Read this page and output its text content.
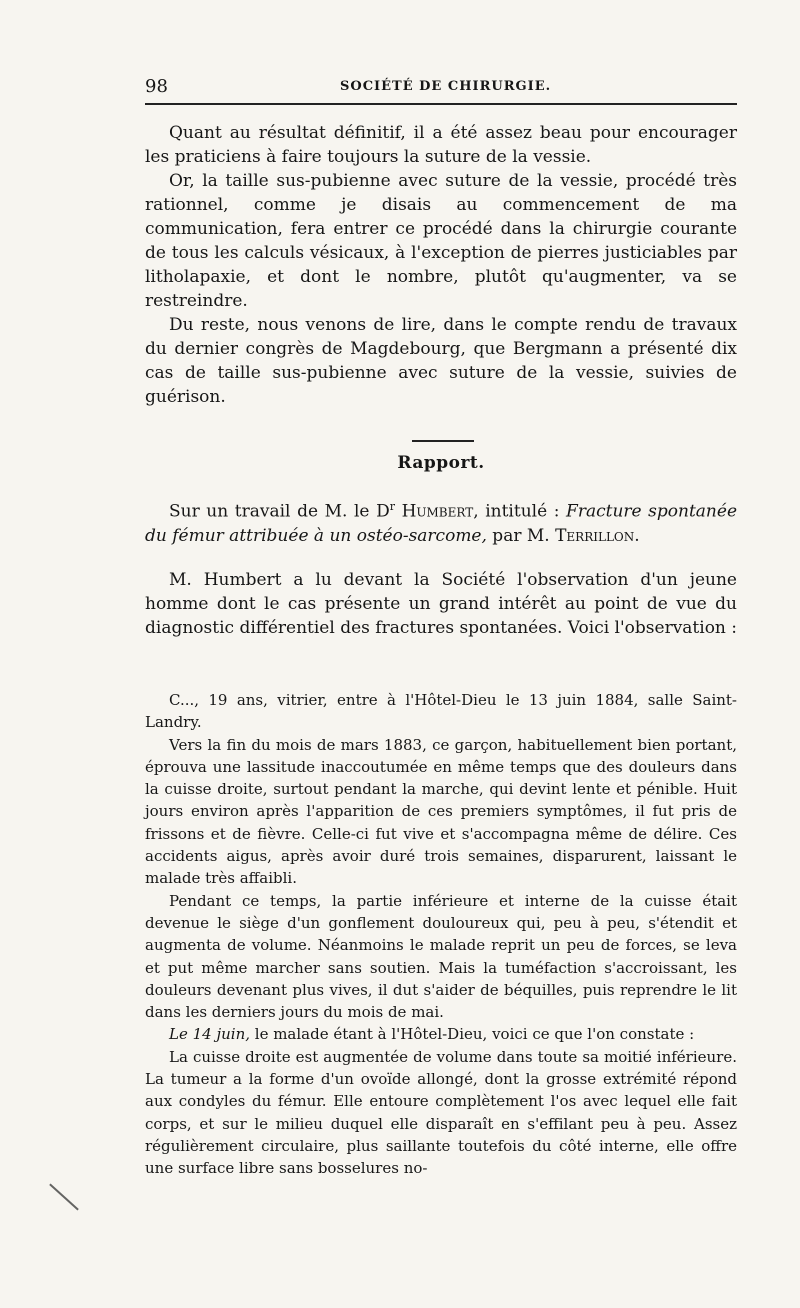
98	SOCIÉTÉ DE CHIRURGIE.

Quant au résultat définitif, il a été assez beau pour encourager les praticiens à faire toujours la suture de la vessie.

Or, la taille sus-pubienne avec suture de la vessie, procédé très rationnel, comme je disais au commencement de ma communication, fera entrer ce procédé dans la chirurgie courante de tous les calculs vésicaux, à l'exception de pierres justiciables par litholapaxie, et dont le nombre, plutôt qu'augmenter, va se restreindre.

Du reste, nous venons de lire, dans le compte rendu de travaux du dernier congrès de Magdebourg, que Bergmann a présenté dix cas de taille sus-pubienne avec suture de la vessie, suivies de guérison.

Rapport.

Sur un travail de M. le $D^r$ Humbert, intitulé : Fracture spontanée du fémur attribuée à un ostéo-sarcome, par M. Terrillon.

M. Humbert a lu devant la Société l'observation d'un jeune homme dont le cas présente un grand intérêt au point de vue du diagnostic différentiel des fractures spontanées. Voici l'observation :

C..., 19 ans, vitrier, entre à l'Hôtel-Dieu le 13 juin 1884, salle Saint-Landry.

Vers la fin du mois de mars 1883, ce garçon, habituellement bien portant, éprouva une lassitude inaccoutumée en même temps que des douleurs dans la cuisse droite, surtout pendant la marche, qui devint lente et pénible. Huit jours environ après l'apparition de ces premiers symptômes, il fut pris de frissons et de fièvre. Celle-ci fut vive et s'accompagna même de délire. Ces accidents aigus, après avoir duré trois semaines, disparurent, laissant le malade très affaibli.

Pendant ce temps, la partie inférieure et interne de la cuisse était devenue le siège d'un gonflement douloureux qui, peu à peu, s'étendit et augmenta de volume. Néanmoins le malade reprit un peu de forces, se leva et put même marcher sans soutien. Mais la tuméfaction s'accroissant, les douleurs devenant plus vives, il dut s'aider de béquilles, puis reprendre le lit dans les derniers jours du mois de mai.

Le 14 juin, le malade étant à l'Hôtel-Dieu, voici ce que l'on constate :

La cuisse droite est augmentée de volume dans toute sa moitié inférieure. La tumeur a la forme d'un ovoïde allongé, dont la grosse extrémité répond aux condyles du fémur. Elle entoure complètement l'os avec lequel elle fait corps, et sur le milieu duquel elle disparaît en s'effilant peu à peu. Assez régulièrement circulaire, plus saillante toutefois du côté interne, elle offre une surface libre sans bosselures no-
